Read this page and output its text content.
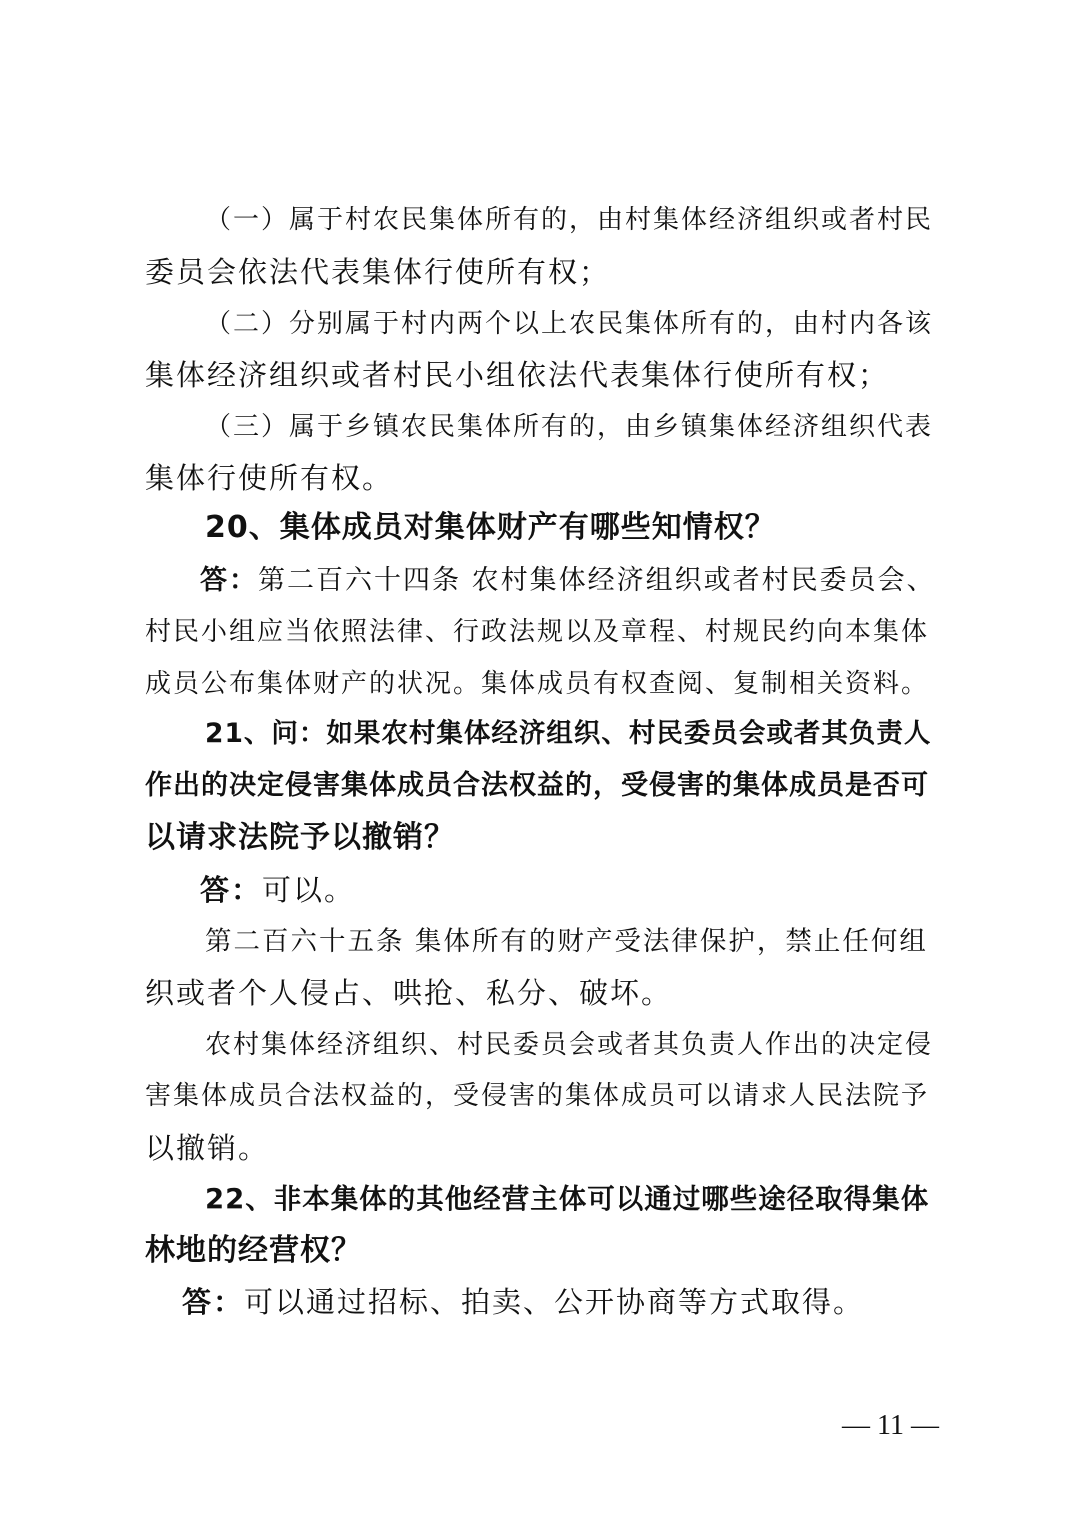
（一）属于村农民集体所有的，由村集体经济组织或者村民
委员会依法代表集体行使所有权；
（二）分别属于村内两个以上农民集体所有的，由村内各该
集体经济组织或者村民小组依法代表集体行使所有权；
（三）属于乡镇农民集体所有的，由乡镇集体经济组织代表
集体行使所有权。
20、集体成员对集体财产有哪些知情权？
答：第二百六十四条 农村集体经济组织或者村民委员会、
村民小组应当依照法律、行政法规以及章程、村规民约向本集体
成员公布集体财产的状况。集体成员有权查阅、复制相关资料。
21、问：如果农村集体经济组织、村民委员会或者其负责人
作出的决定侵害集体成员合法权益的，受侵害的集体成员是否可
以请求法院予以撤销？
答：可以。
第二百六十五条 集体所有的财产受法律保护，禁止任何组
织或者个人侵占、哄抢、私分、破坏。
农村集体经济组织、村民委员会或者其负责人作出的决定侵
害集体成员合法权益的，受侵害的集体成员可以请求人民法院予
以撤销。
22、非本集体的其他经营主体可以通过哪些途径取得集体
林地的经营权？
答：可以通过招标、拍卖、公开协商等方式取得。
— 11 —
